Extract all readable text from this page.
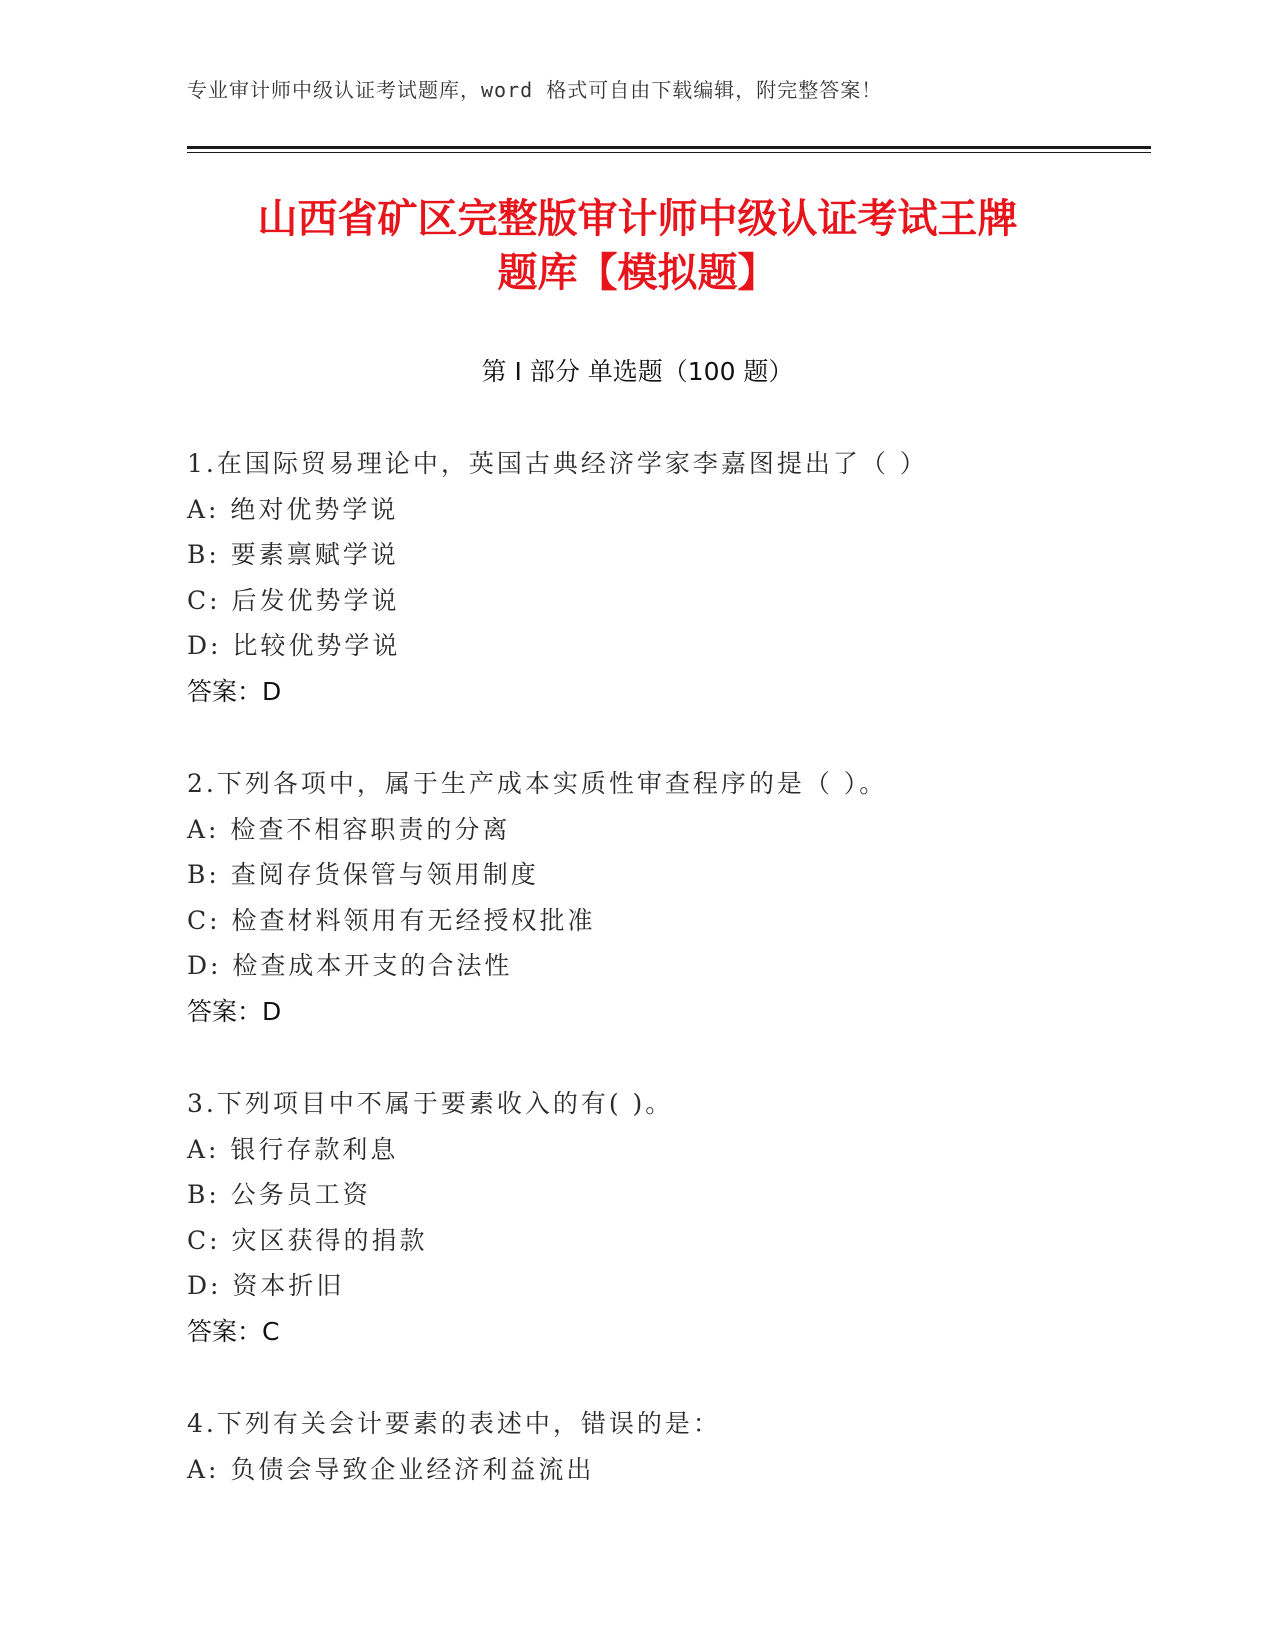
专业审计师中级认证考试题库，word 格式可自由下载编辑，附完整答案！
山西省矿区完整版审计师中级认证考试王牌
题库【模拟题】
第 I 部分 单选题（100 题）
1.在国际贸易理论中，英国古典经济学家李嘉图提出了（ ）
A: 绝对优势学说
B: 要素禀赋学说
C: 后发优势学说
D: 比较优势学说
答案：D
2.下列各项中，属于生产成本实质性审查程序的是（ ）。
A: 检查不相容职责的分离
B: 查阅存货保管与领用制度
C: 检查材料领用有无经授权批准
D: 检查成本开支的合法性
答案：D
3.下列项目中不属于要素收入的有( )。
A: 银行存款利息
B: 公务员工资
C: 灾区获得的捐款
D: 资本折旧
答案：C
4.下列有关会计要素的表述中，错误的是：
A: 负债会导致企业经济利益流出
